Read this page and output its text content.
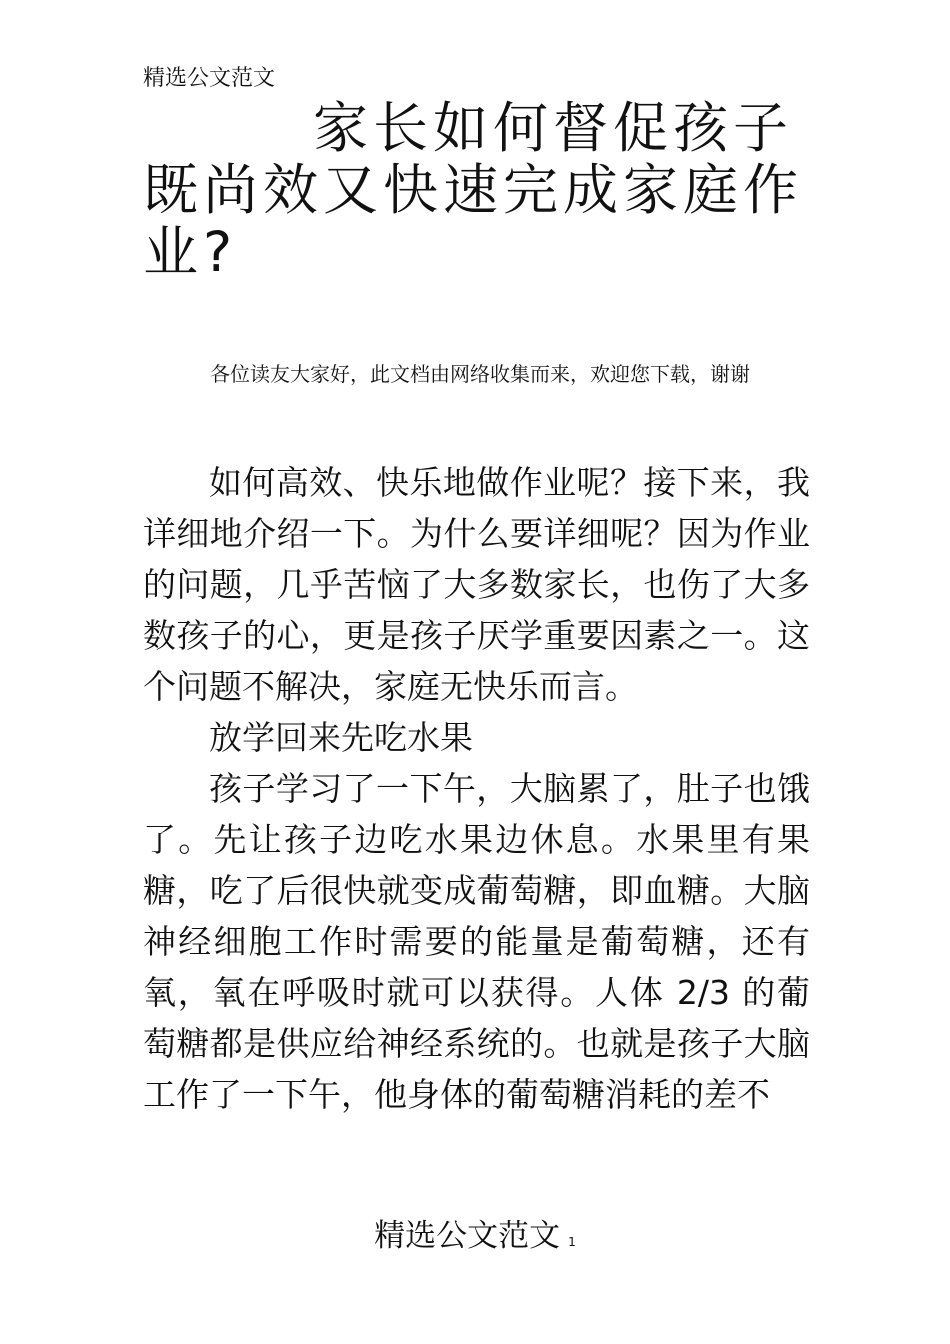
精选公文范文
家长如何督促孩子既尚效又快速完成家庭作业?

各位读友大家好，此文档由网络收集而来，欢迎您下载，谢谢

如何高效、快乐地做作业呢？接下来，我详细地介绍一下。为什么要详细呢？因为作业的问题，几乎苦恼了大多数家长，也伤了大多数孩子的心，更是孩子厌学重要因素之一。这个问题不解决，家庭无快乐而言。

放学回来先吃水果

孩子学习了一下午，大脑累了，肚子也饿了。先让孩子边吃水果边休息。水果里有果糖，吃了后很快就变成葡萄糖，即血糖。大脑神经细胞工作时需要的能量是葡萄糖，还有氧，氧在呼吸时就可以获得。人体 2/3 的葡萄糖都是供应给神经系统的。也就是孩子大脑工作了一下午，他身体的葡萄糖消耗的差不

精选公文范文 1
